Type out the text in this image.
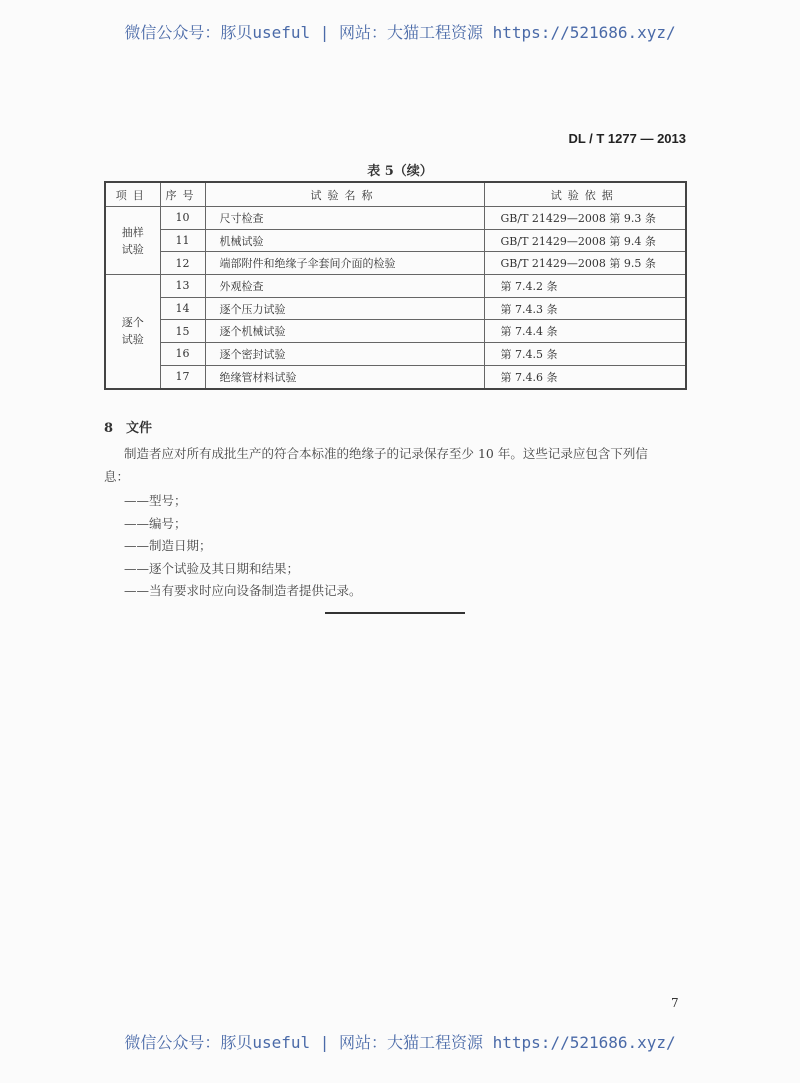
微信公众号：豚贝useful | 网站：大猫工程资源 https://521686.xyz/
DL / T 1277 — 2013
表 5（续）
项目	序号	试验名称	试验依据
抽样试验	10	尺寸检查	GB/T 21429—2008 第 9.3 条
	11	机械试验	GB/T 21429—2008 第 9.4 条
	12	端部附件和绝缘子伞套间介面的检验	GB/T 21429—2008 第 9.5 条
逐个试验	13	外观检查	第 7.4.2 条
	14	逐个压力试验	第 7.4.3 条
	15	逐个机械试验	第 7.4.4 条
	16	逐个密封试验	第 7.4.5 条
	17	绝缘管材料试验	第 7.4.6 条
8　文件
制造者应对所有成批生产的符合本标准的绝缘子的记录保存至少 10 年。这些记录应包含下列信
息：
——型号；
——编号；
——制造日期；
——逐个试验及其日期和结果；
——当有要求时应向设备制造者提供记录。
7
微信公众号：豚贝useful | 网站：大猫工程资源 https://521686.xyz/
